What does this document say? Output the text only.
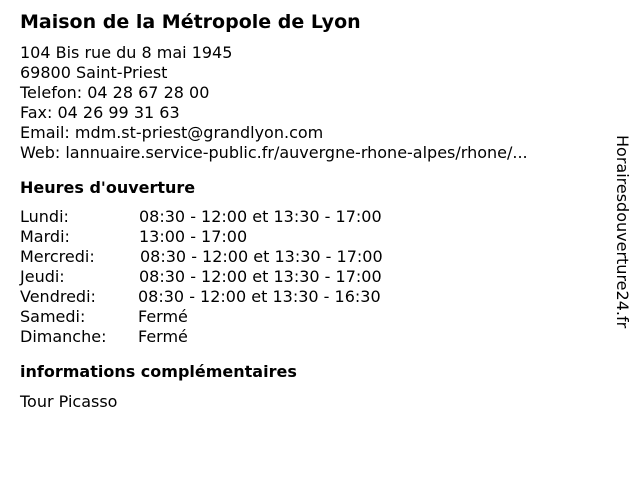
Maison de la Métropole de Lyon
104 Bis rue du 8 mai 1945
69800 Saint-Priest
Telefon: 04 28 67 28 00
Fax: 04 26 99 31 63
Email: mdm.st-priest@grandlyon.com
Web: lannuaire.service-public.fr/auvergne-rhone-alpes/rhone/...
Heures d'ouverture
Lundi:	08:30 - 12:00 et 13:30 - 17:00
Mardi:	13:00 - 17:00
Mercredi:	08:30 - 12:00 et 13:30 - 17:00
Jeudi:	08:30 - 12:00 et 13:30 - 17:00
Vendredi:	08:30 - 12:00 et 13:30 - 16:30
Samedi:	Fermé
Dimanche:	Fermé
informations complémentaires
Tour Picasso
Horairesdouverture24.fr
